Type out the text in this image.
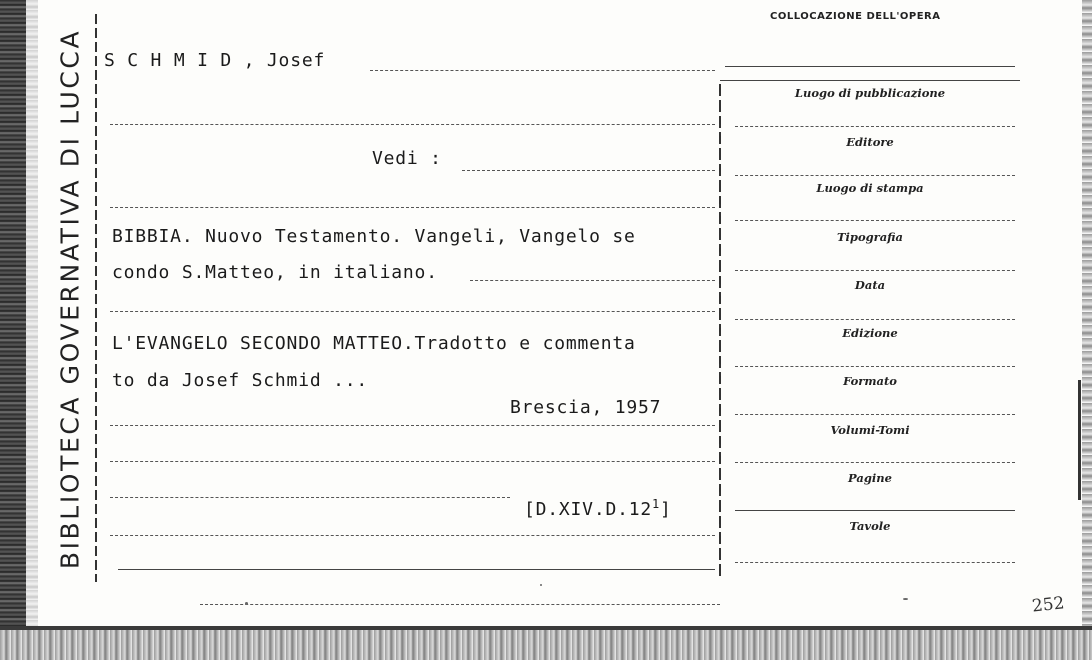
BIBLIOTECA GOVERNATIVA DI LUCCA
COLLOCAZIONE DELL'OPERA
S C H M I D , Josef
Vedi :
BIBBIA. Nuovo Testamento. Vangeli, Vangelo se
condo S.Matteo, in italiano.
L'EVANGELO SECONDO MATTEO.Tradotto e commenta
to da Josef Schmid ...
Brescia, 1957
$[D.XIV.D.12^1]$
Luogo di pubblicazione
Editore
Luogo di stampa
Tipografia
Data
Edizione
Formato
Volumi-Tomi
Pagine
Tavole
252
